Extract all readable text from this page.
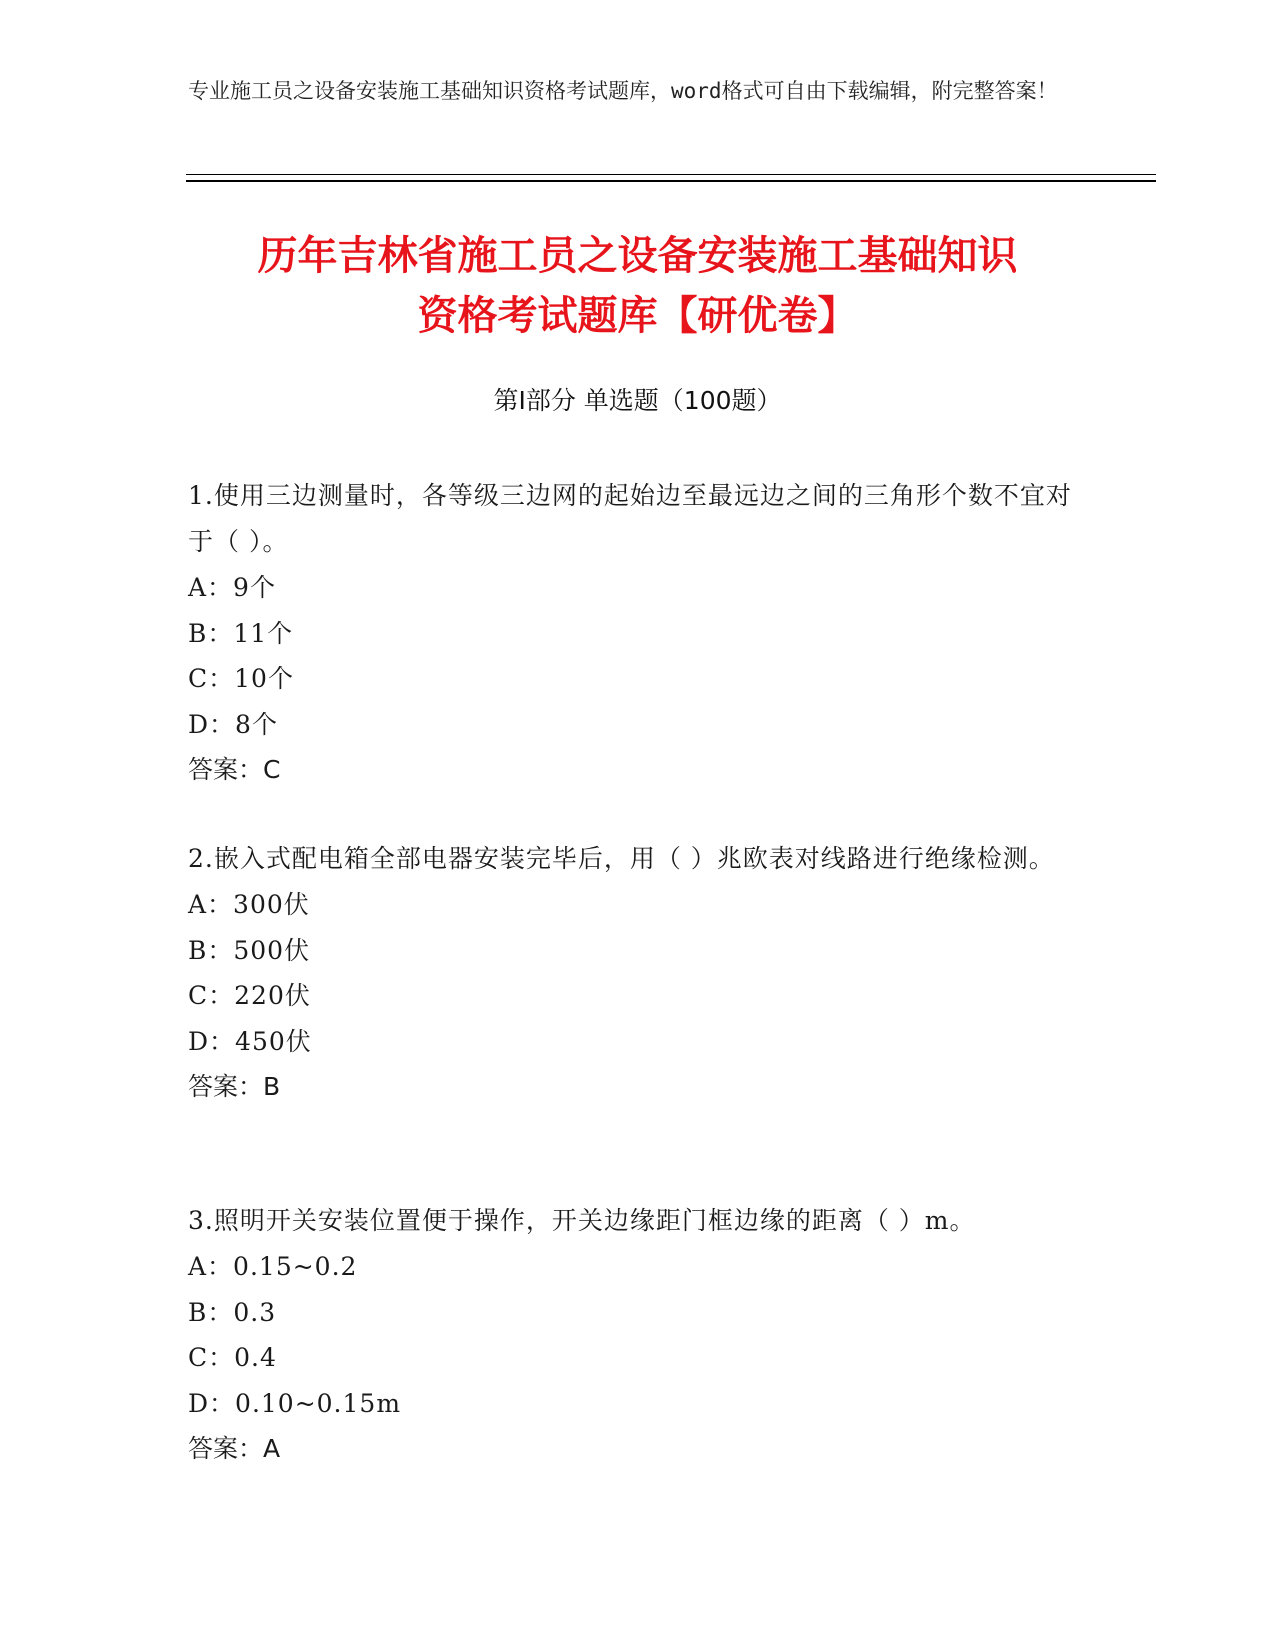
专业施工员之设备安装施工基础知识资格考试题库，word格式可自由下载编辑，附完整答案！
历年吉林省施工员之设备安装施工基础知识
资格考试题库【研优卷】
第Ⅰ部分 单选题（100题）

1.使用三边测量时，各等级三边网的起始边至最远边之间的三角形个数不宜对于（ ）。

A：9个

B：11个

C：10个

D：8个

答案：C

2.嵌入式配电箱全部电器安装完毕后，用（ ）兆欧表对线路进行绝缘检测。

A：300伏

B：500伏

C：220伏

D：450伏

答案：B

3.照明开关安装位置便于操作，开关边缘距门框边缘的距离（ ）m。

A：0.15~0.2

B：0.3

C：0.4

D：0.10~0.15m

答案：A
